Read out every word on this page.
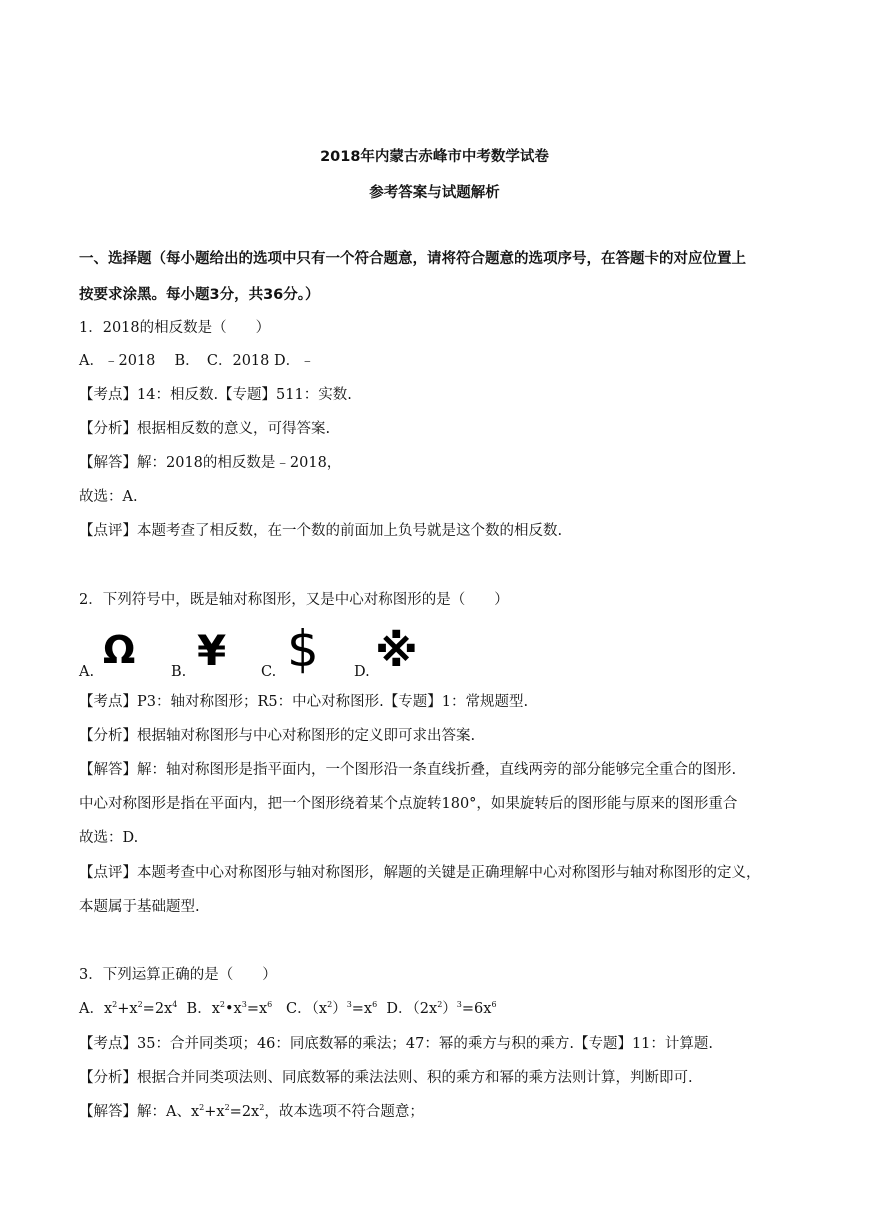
2018年内蒙古赤峰市中考数学试卷
参考答案与试题解析
一、选择题（每小题给出的选项中只有一个符合题意，请将符合题意的选项序号，在答题卡的对应位置上
按要求涂黑。每小题3分，共36分。）
1．2018的相反数是（　　）
A．﹣2018　 B．　C．2018 D．﹣
【考点】14：相反数.【专题】511：实数.
【分析】根据相反数的意义，可得答案.
【解答】解：2018的相反数是﹣2018，
故选：A.
【点评】本题考查了相反数，在一个数的前面加上负号就是这个数的相反数.
2．下列符号中，既是轴对称图形，又是中心对称图形的是（　　）
A. Ω B. ¥ C. $ D. ※
【考点】P3：轴对称图形；R5：中心对称图形.【专题】1：常规题型.
【分析】根据轴对称图形与中心对称图形的定义即可求出答案.
【解答】解：轴对称图形是指平面内，一个图形沿一条直线折叠，直线两旁的部分能够完全重合的图形.
中心对称图形是指在平面内，把一个图形绕着某个点旋转180°，如果旋转后的图形能与原来的图形重合
故选：D.
【点评】本题考查中心对称图形与轴对称图形，解题的关键是正确理解中心对称图形与轴对称图形的定义，
本题属于基础题型.
3．下列运算正确的是（　　）
A．$x^2+x^2=2x^4$  B．$x^2•x^3=x^6$   C．$(x^2)^3=x^6$  D．$(2x^2)^3=6x^6$
【考点】35：合并同类项；46：同底数幂的乘法；47：幂的乘方与积的乘方.【专题】11：计算题.
【分析】根据合并同类项法则、同底数幂的乘法法则、积的乘方和幂的乘方法则计算，判断即可.
【解答】解：A、$x^2+x^2=2x^2$，故本选项不符合题意；
